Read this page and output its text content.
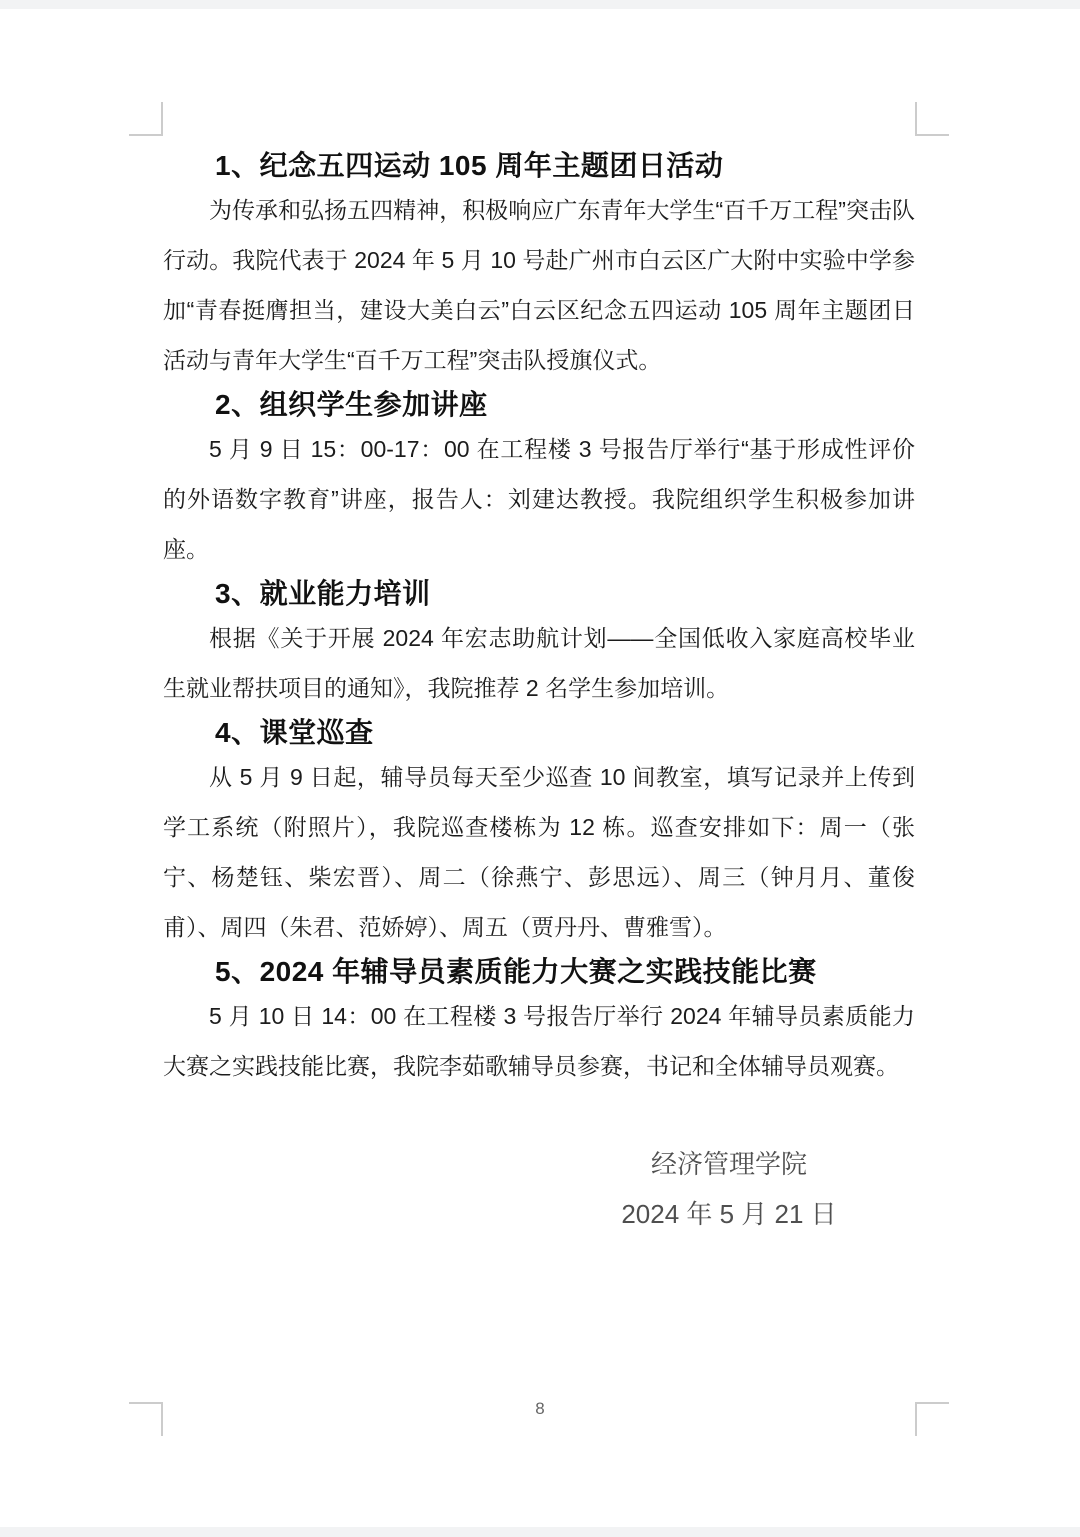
1、纪念五四运动 105 周年主题团日活动

为传承和弘扬五四精神，积极响应广东青年大学生“百千万工程”突击队行动。我院代表于 2024 年 5 月 10 号赴广州市白云区广大附中实验中学参加“青春挺膺担当，建设大美白云”白云区纪念五四运动 105 周年主题团日活动与青年大学生“百千万工程”突击队授旗仪式。

2、组织学生参加讲座

5 月 9 日 15：00-17：00 在工程楼 3 号报告厅举行“基于形成性评价的外语数字教育”讲座，报告人：刘建达教授。我院组织学生积极参加讲座。

3、就业能力培训

根据《关于开展 2024 年宏志助航计划——全国低收入家庭高校毕业生就业帮扶项目的通知》，我院推荐 2 名学生参加培训。

4、课堂巡查

从 5 月 9 日起，辅导员每天至少巡查 10 间教室，填写记录并上传到学工系统（附照片），我院巡查楼栋为 12 栋。巡查安排如下：周一（张宁、杨楚钰、柴宏晋）、周二（徐燕宁、彭思远）、周三（钟月月、董俊甫）、周四（朱君、范娇婷）、周五（贾丹丹、曹雅雪）。

5、2024 年辅导员素质能力大赛之实践技能比赛

5 月 10 日 14：00 在工程楼 3 号报告厅举行 2024 年辅导员素质能力大赛之实践技能比赛，我院李茹歌辅导员参赛，书记和全体辅导员观赛。

经济管理学院
2024 年 5 月 21 日
8
